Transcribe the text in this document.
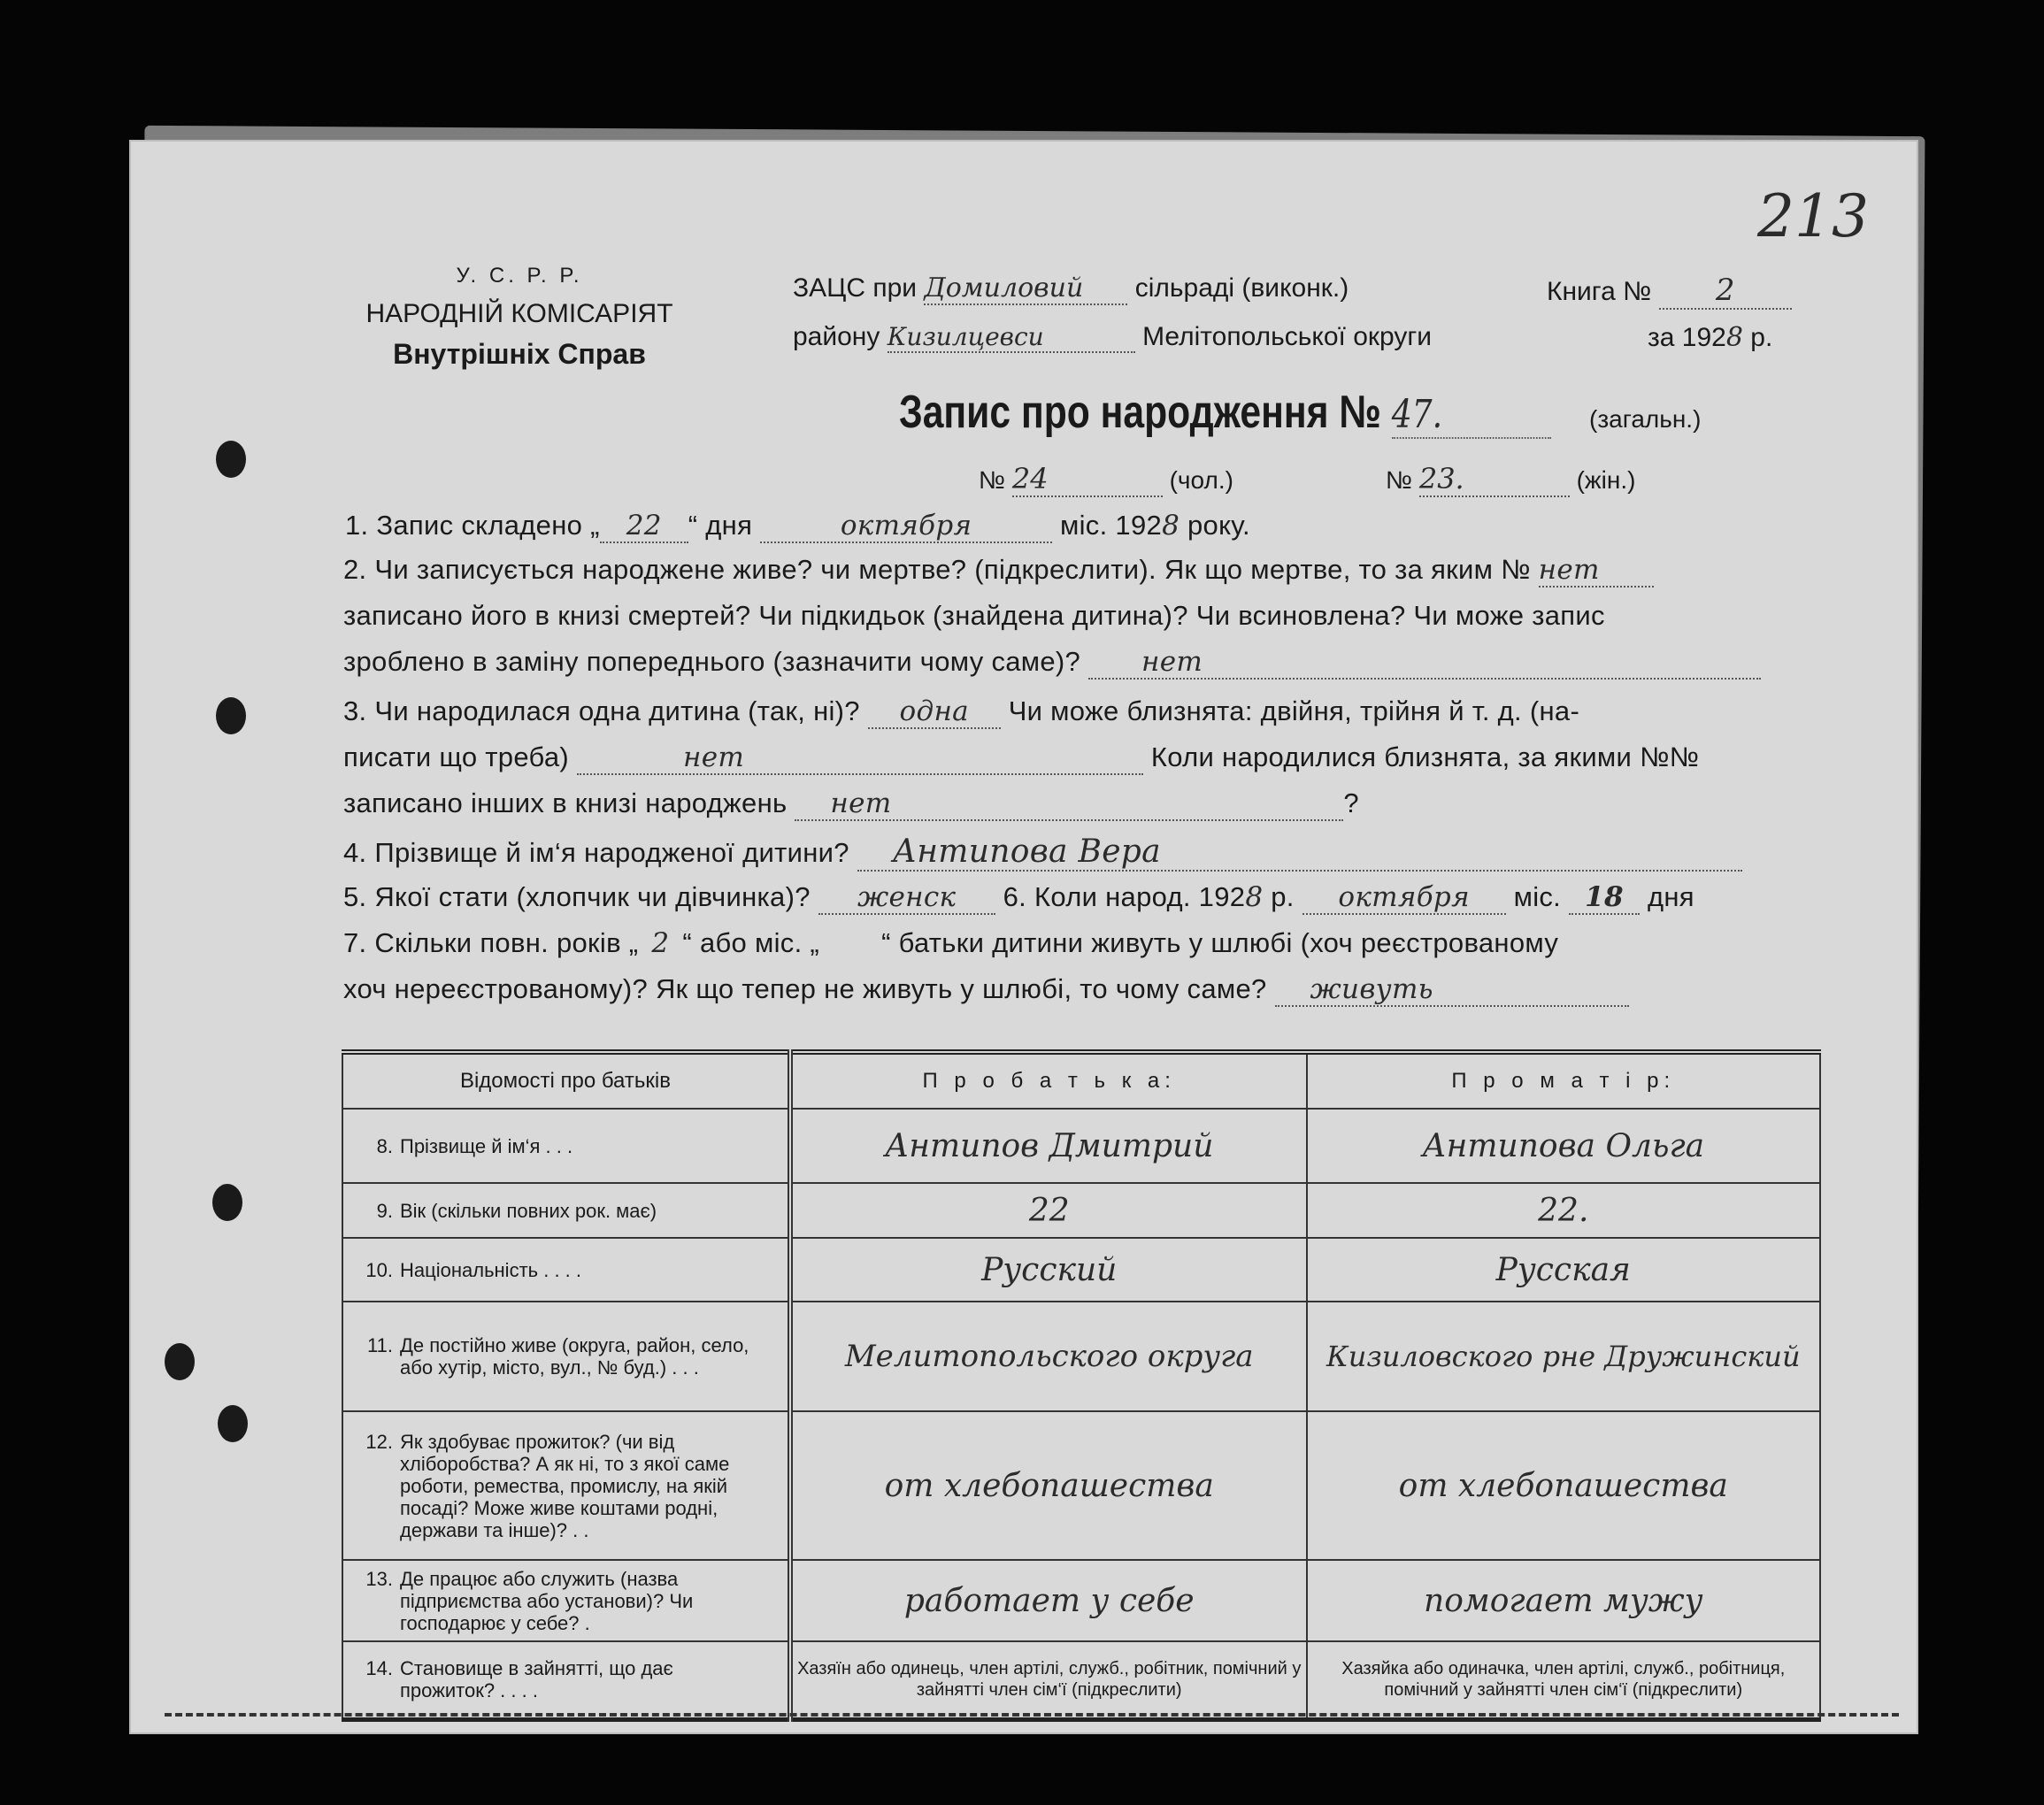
213
У. С. Р. Р.
НАРОДНІЙ КОМІСАРІЯТ
Внутрішніх Справ
ЗАЦС при Домиловий сільраді (виконк.)	Книга № 2
району Кизилцевси	Мелітопольської округи	за 1928 р.
Запис про народження № 47.	(загальн.)
№ 24	(чол.)	№ 23.	(жін.)
1. Запис складено „ 22 “ дня	октября	міс. 1928 року.
2. Чи записується народжене живе? чи мертве? (підкреслити). Як що мертве, то за яким № нет
записано його в книзі смертей? Чи підкидьок (знайдена дитина)? Чи всиновлена? Чи може запис
зроблено в заміну попереднього (зазначити чому саме)? нет
3. Чи народилася одна дитина (так, ні)? одна Чи може близнята: двійня, трійня й т. д. (на-
писати що треба)	нет	Коли народилися близнята, за якими №№
записано інших в книзі народжень нет	?
4. Прізвище й ім‘я народженої дитини? Антипова Вера
5. Якої стати (хлопчик чи дівчинка)? женск 6. Коли народ. 1928 р. октября міс. 18 дня
7. Скільки повн. років „ 2 “ або міс. „ “ батьки дитини живуть у шлюбі (хоч реєстрованому
хоч нереєстрованому)? Як що тепер не живуть у шлюбі, то чому саме? живуть
Відомості про батьків	П р о б а т ь к а:	П р о м а т і р:
8. Прізвище й ім‘я . . .	Антипов Дмитрий	Антипова Ольга
9. Вік (скільки повних рок. має)	22	22.
10. Національність . . . .	Русский	Русская
11. Де постійно живе (округа, район, село, або хутір, місто, вул., № буд.) . . .	Мелитопольского округа	Кизиловского рне Дружинский
12. Як здобуває прожиток? (чи від хліборобства? А як ні, то з якої саме роботи, ремества, промислу, на якій посаді? Може живе коштами родні, держави та інше)? . .	от хлебопашества	от хлебопашества
13. Де працює або служить (назва підприємства або установи)? Чи господарює у себе? .	работает у себе	помогает мужу
14. Становище в зайнятті, що дає прожиток? . . . .	Хазяїн або одинець, член артілі, служб., робітник, помічний у зайнятті член сім‘ї (підкреслити)	Хазяйка або одиначка, член артілі, служб., робітниця, помічний у зайнятті член сім‘ї (підкреслити)
